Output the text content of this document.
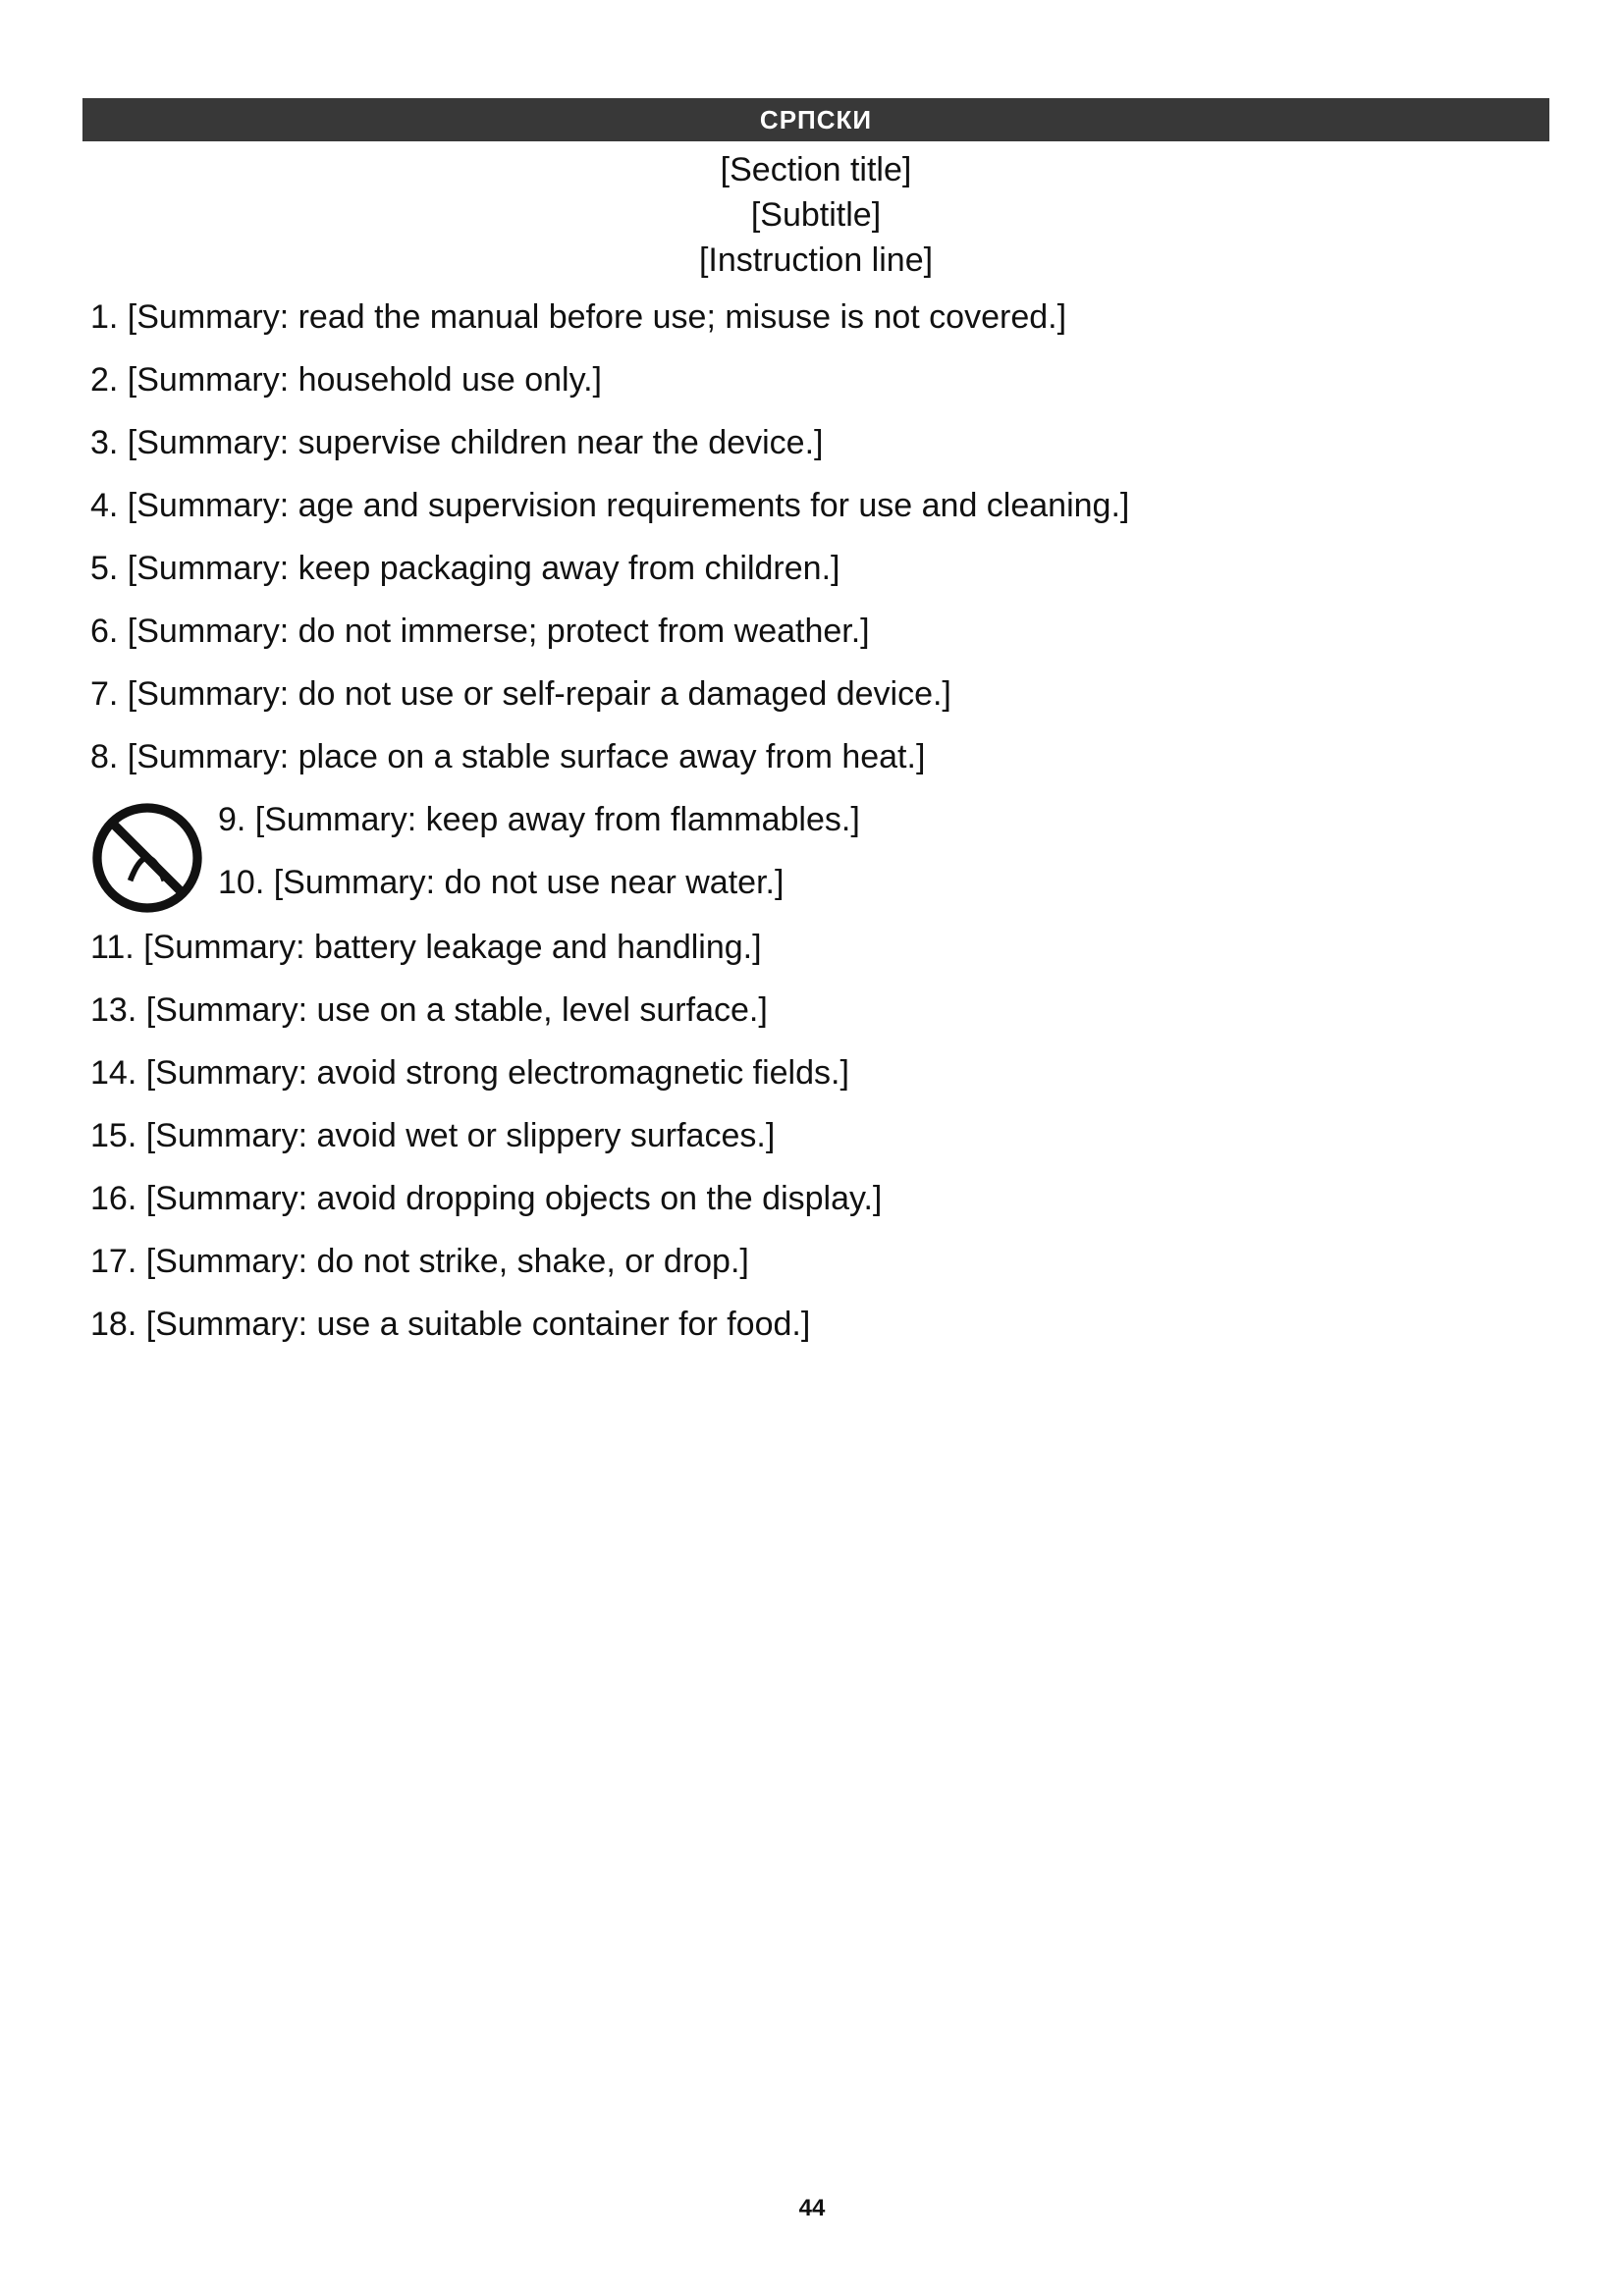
СРПСКИ
[Section title]
[Subtitle]
[Instruction line]

1. [Summary: read the manual before use; misuse is not covered.]

2. [Summary: household use only.]

3. [Summary: supervise children near the device.]

4. [Summary: age and supervision requirements for use and cleaning.]

5. [Summary: keep packaging away from children.]

6. [Summary: do not immerse; protect from weather.]

7. [Summary: do not use or self-repair a damaged device.]

8. [Summary: place on a stable surface away from heat.]

9. [Summary: keep away from flammables.]

10. [Summary: do not use near water.]

11. [Summary: battery leakage and handling.]

13. [Summary: use on a stable, level surface.]

14. [Summary: avoid strong electromagnetic fields.]

15. [Summary: avoid wet or slippery surfaces.]

16. [Summary: avoid dropping objects on the display.]

17. [Summary: do not strike, shake, or drop.]

18. [Summary: use a suitable container for food.]

44
